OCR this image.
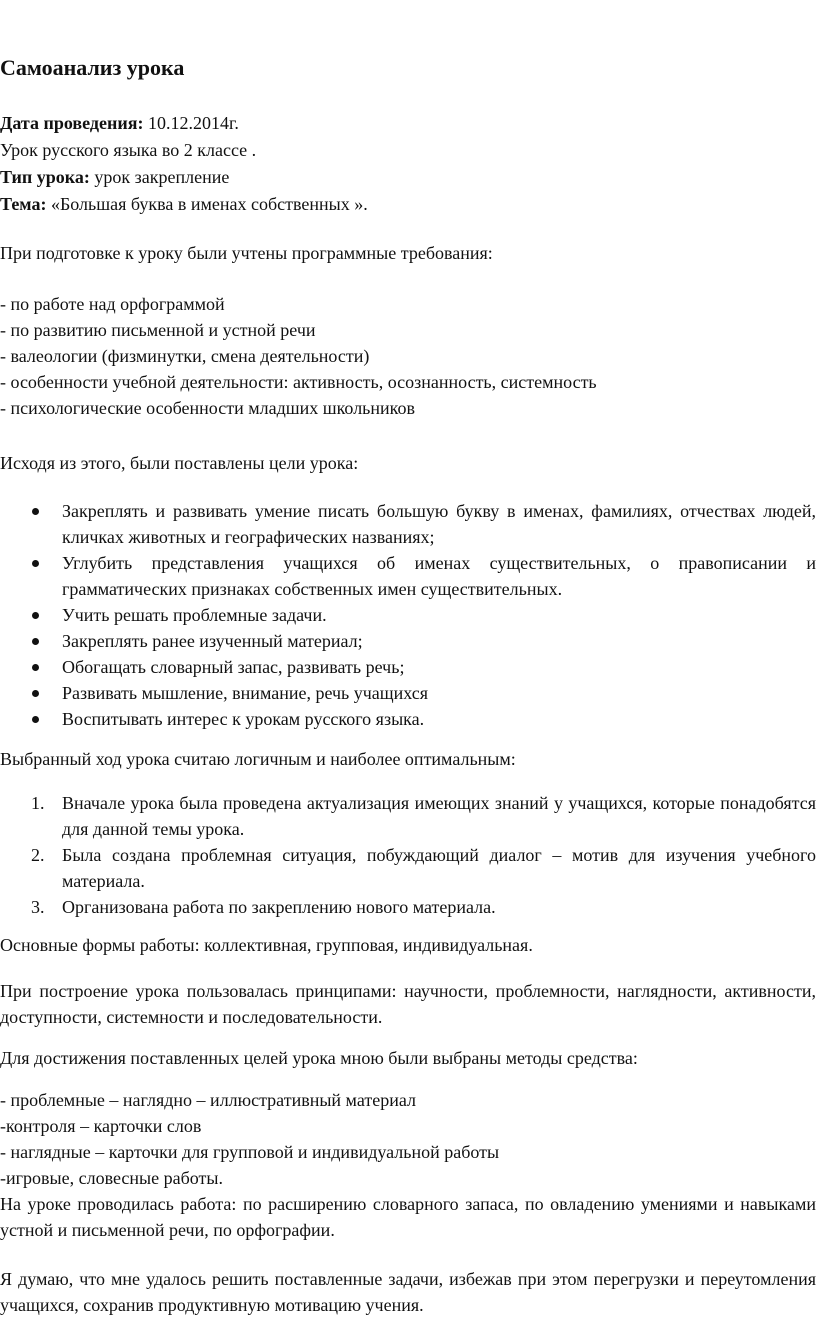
Самоанализ урока

Дата проведения: 10.12.2014г.

Урок русского языка во 2 классе .

Тип урока: урок закрепление

Тема: «Большая буква в именах собственных ».

При подготовке к уроку были учтены программные требования:

- по работе над орфограммой
- по развитию письменной и устной речи
- валеологии (физминутки, смена деятельности)
- особенности учебной деятельности: активность, осознанность, системность
- психологические особенности младших школьников

Исходя из этого, были поставлены цели урока:

Закреплять и развивать умение писать большую букву в именах, фамилиях, отчествах людей, кличках животных и географических названиях;
Углубить представления учащихся об именах существительных, о правописании и грамматических признаках собственных имен существительных.
Учить решать проблемные задачи.
Закреплять ранее изученный материал;
Обогащать словарный запас, развивать речь;
Развивать мышление, внимание, речь учащихся
Воспитывать интерес к урокам русского языка.

Выбранный ход урока считаю логичным и наиболее оптимальным:

1. Вначале урока была проведена актуализация имеющих знаний у учащихся, которые понадобятся для данной темы урока.
2. Была создана проблемная ситуация, побуждающий диалог – мотив для изучения учебного материала.
3. Организована работа по закреплению нового материала.

Основные формы работы: коллективная, групповая, индивидуальная.

При построение урока пользовалась принципами: научности, проблемности, наглядности, активности, доступности, системности и последовательности.

Для достижения поставленных целей урока мною были выбраны методы средства:

- проблемные – наглядно – иллюстративный материал
-контроля – карточки слов
- наглядные – карточки для групповой и индивидуальной работы
-игровые, словесные работы.

На уроке проводилась работа: по расширению словарного запаса, по овладению умениями и навыками устной и письменной речи, по орфографии.

Я думаю, что мне удалось решить поставленные задачи, избежав при этом перегрузки и переутомления учащихся, сохранив продуктивную мотивацию учения.
